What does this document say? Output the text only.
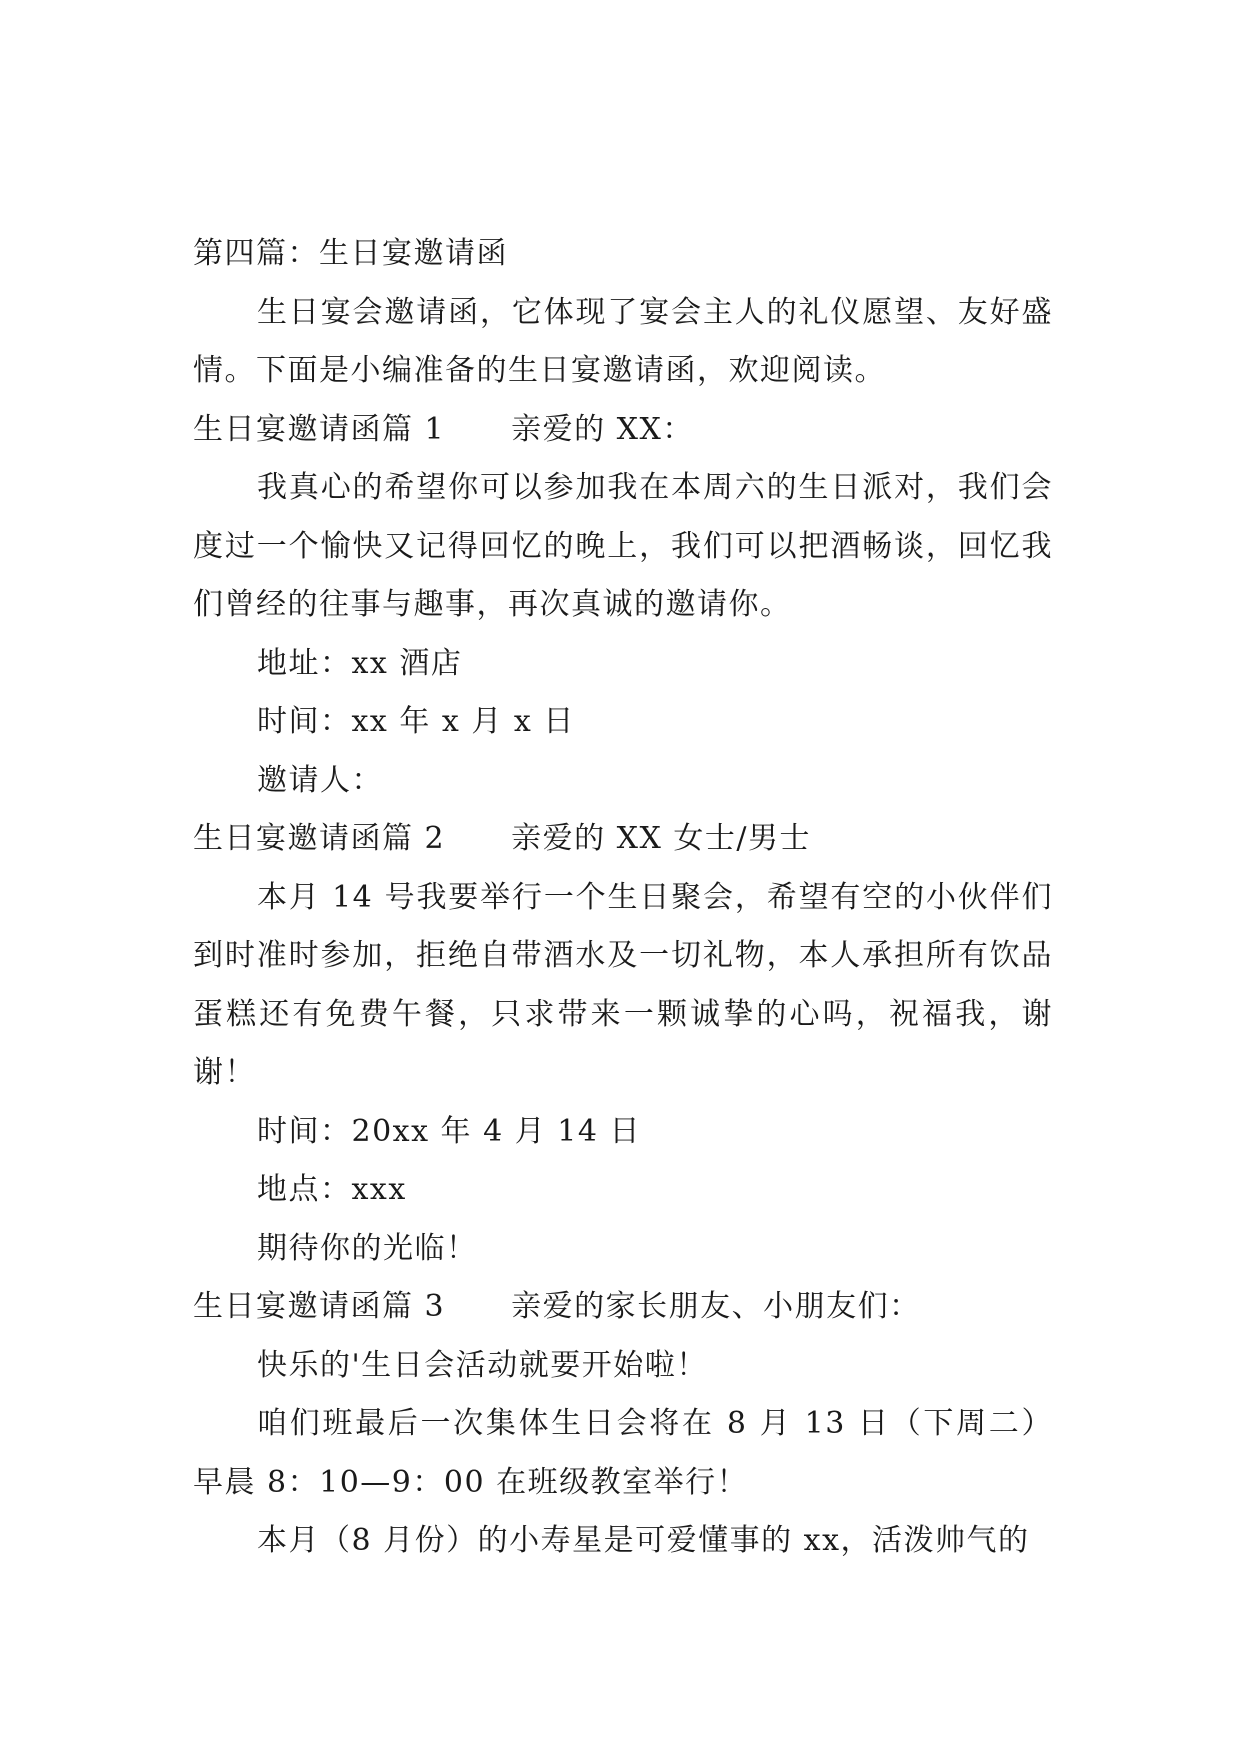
第四篇：生日宴邀请函

生日宴会邀请函，它体现了宴会主人的礼仪愿望、友好盛情。下面是小编准备的生日宴邀请函，欢迎阅读。

生日宴邀请函篇 1 亲爱的 XX：

我真心的希望你可以参加我在本周六的生日派对，我们会度过一个愉快又记得回忆的晚上，我们可以把酒畅谈，回忆我们曾经的往事与趣事，再次真诚的邀请你。

地址：xx 酒店

时间：xx 年 x 月 x 日

邀请人：

生日宴邀请函篇 2 亲爱的 XX 女士/男士

本月 14 号我要举行一个生日聚会，希望有空的小伙伴们到时准时参加，拒绝自带酒水及一切礼物，本人承担所有饮品蛋糕还有免费午餐，只求带来一颗诚挚的心吗，祝福我，谢谢！

时间：20xx 年 4 月 14 日

地点：xxx

期待你的光临！

生日宴邀请函篇 3 亲爱的家长朋友、小朋友们：

快乐的'生日会活动就要开始啦！

咱们班最后一次集体生日会将在 8 月 13 日（下周二）早晨 8：10—9：00 在班级教室举行！

本月（8 月份）的小寿星是可爱懂事的 xx，活泼帅气的
